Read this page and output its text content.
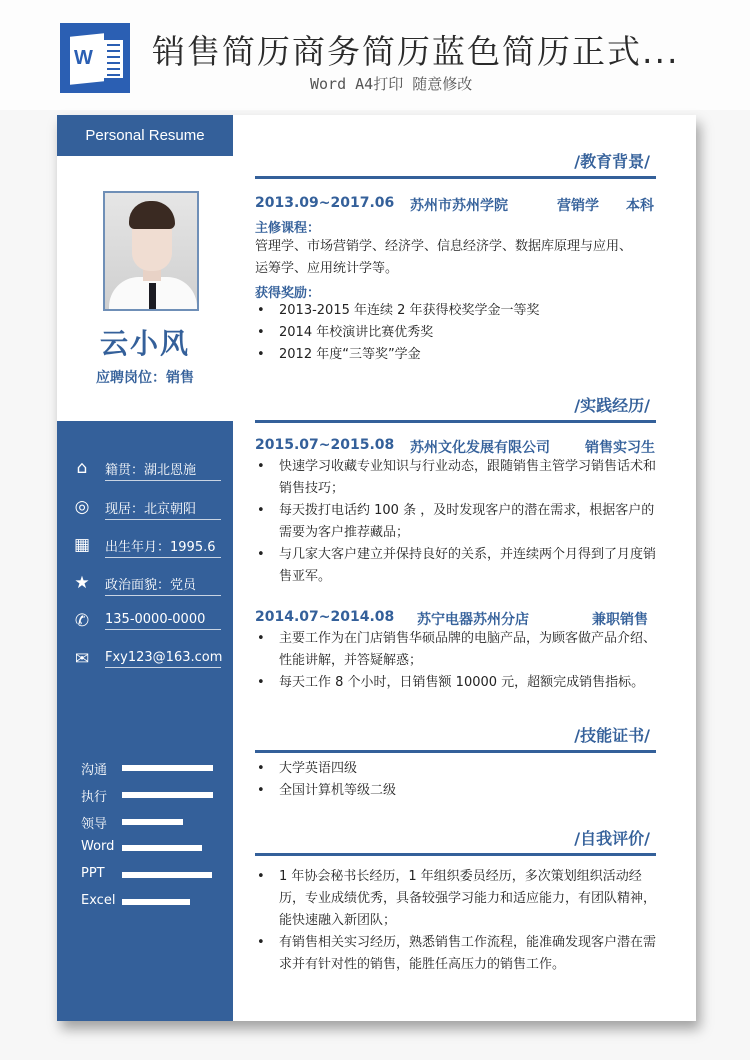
W 销售简历商务简历蓝色简历正式...
Word A4打印 随意修改
Personal Resume
云小风
应聘岗位：销售
⌂	籍贯：湖北恩施
◎ 现居：北京朝阳
▦ 出生年月：1995.6
★ 政治面貌：党员
✆ 135-0000-0000
✉ Fxy123@163.com
沟通
执行
领导
Word
PPT
Excel
/教育背景/
2013.09~2017.06 苏州市苏州学院	营销学 本科
主修课程：
管理学、市场营销学、经济学、信息经济学、数据库原理与应用、
运筹学、应用统计学等。
获得奖励：
• 2013-2015 年连续 2 年获得校奖学金一等奖
• 2014 年校演讲比赛优秀奖
• 2012 年度“三等奖”学金
/实践经历/
2015.07~2015.08 苏州文化发展有限公司	销售实习生
• 快速学习收藏专业知识与行业动态，跟随销售主管学习销售话术和销售技巧；
• 每天拨打电话约 100 条 ，及时发现客户的潜在需求，根据客户的需要为客户推荐藏品；
• 与几家大客户建立并保持良好的关系，并连续两个月得到了月度销售亚军。
2014.07~2014.08 苏宁电器苏州分店	兼职销售
• 主要工作为在门店销售华硕品牌的电脑产品，为顾客做产品介绍、性能讲解，并答疑解惑；
• 每天工作 8 个小时，日销售额 10000 元，超额完成销售指标。
/技能证书/
• 大学英语四级
• 全国计算机等级二级
/自我评价/
• 1 年协会秘书长经历，1 年组织委员经历，多次策划组织活动经历，专业成绩优秀，具备较强学习能力和适应能力，有团队精神，能快速融入新团队；
• 有销售相关实习经历，熟悉销售工作流程，能准确发现客户潜在需求并有针对性的销售，能胜任高压力的销售工作。
